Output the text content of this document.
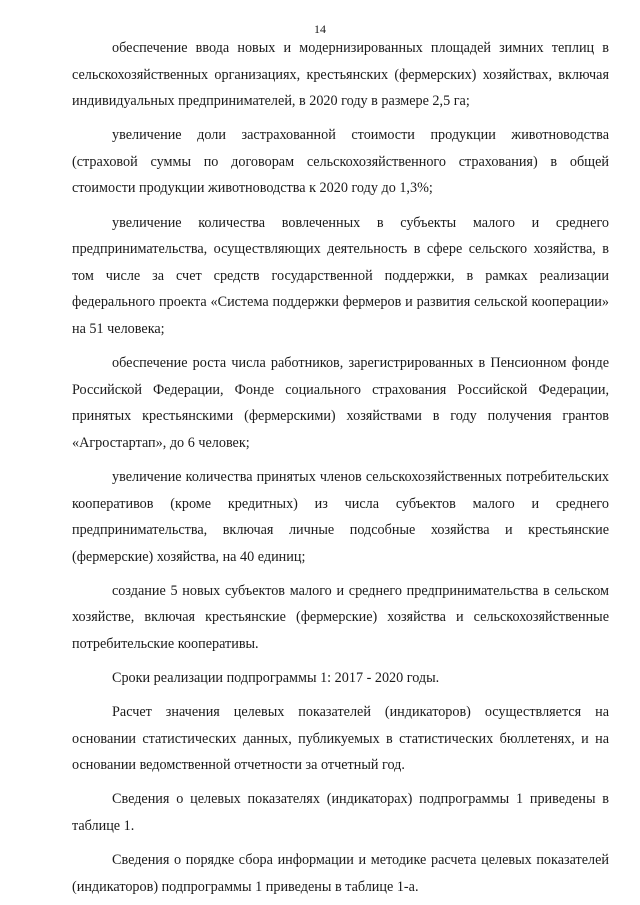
14

обеспечение ввода новых и модернизированных площадей зимних теплиц в сельскохозяйственных организациях, крестьянских (фермерских) хозяйствах, включая индивидуальных предпринимателей, в 2020 году в размере 2,5 га;

увеличение доли застрахованной стоимости продукции животноводства (страховой суммы по договорам сельскохозяйственного страхования) в общей стоимости продукции животноводства к 2020 году до 1,3%;

увеличение количества вовлеченных в субъекты малого и среднего предпринимательства, осуществляющих деятельность в сфере сельского хозяйства, в том числе за счет средств государственной поддержки, в рамках реализации федерального проекта «Система поддержки фермеров и развития сельской кооперации» на 51 человека;

обеспечение роста числа работников, зарегистрированных в Пенсионном фонде Российской Федерации, Фонде социального страхования Российской Федерации, принятых крестьянскими (фермерскими) хозяйствами в году получения грантов «Агростартап», до 6 человек;

увеличение количества принятых членов сельскохозяйственных потребительских кооперативов (кроме кредитных) из числа субъектов малого и среднего предпринимательства, включая личные подсобные хозяйства и крестьянские (фермерские) хозяйства, на 40 единиц;

создание 5 новых субъектов малого и среднего предпринимательства в сельском хозяйстве, включая крестьянские (фермерские) хозяйства и сельскохозяйственные потребительские кооперативы.

Сроки реализации подпрограммы 1: 2017 - 2020 годы.

Расчет значения целевых показателей (индикаторов) осуществляется на основании статистических данных, публикуемых в статистических бюллетенях, и на основании ведомственной отчетности за отчетный год.

Сведения о целевых показателях (индикаторах) подпрограммы 1 приведены в таблице 1.

Сведения о порядке сбора информации и методике расчета целевых показателей (индикаторов) подпрограммы 1 приведены в таблице 1-а.
